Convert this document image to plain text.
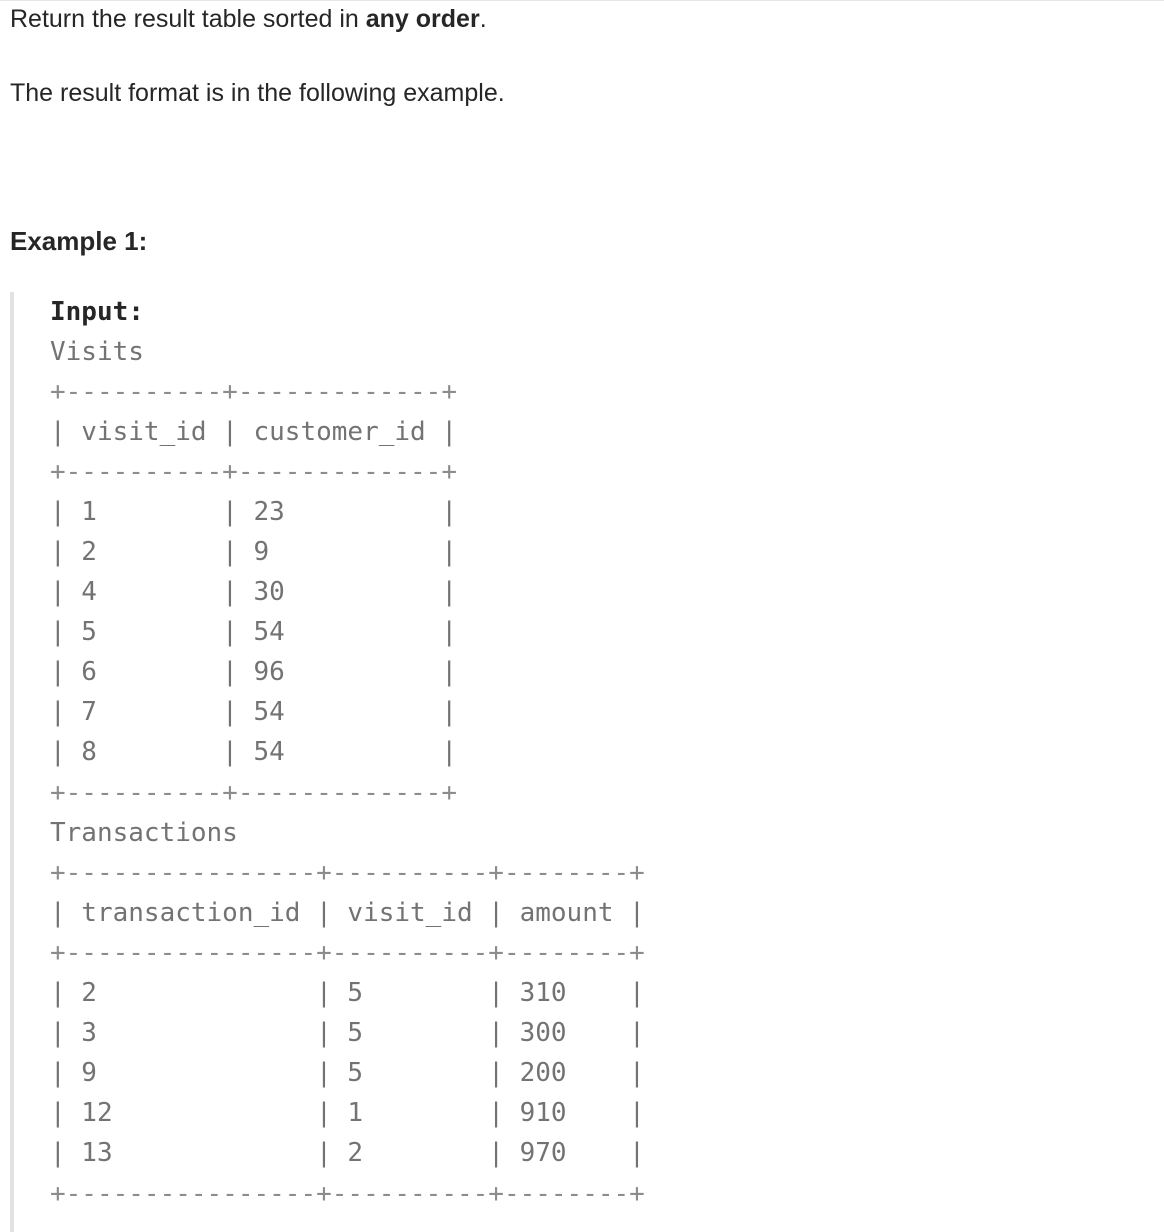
Return the result table sorted in any order.
The result format is in the following example.
Example 1:
Input:
Visits
+----------+-------------+
| visit_id | customer_id |
+----------+-------------+
| 1        | 23          |
| 2        | 9           |
| 4        | 30          |
| 5        | 54          |
| 6        | 96          |
| 7        | 54          |
| 8        | 54          |
+----------+-------------+
Transactions
+----------------+----------+--------+
| transaction_id | visit_id | amount |
+----------------+----------+--------+
| 2              | 5        | 310    |
| 3              | 5        | 300    |
| 9              | 5        | 200    |
| 12             | 1        | 910    |
| 13             | 2        | 970    |
+----------------+----------+--------+
